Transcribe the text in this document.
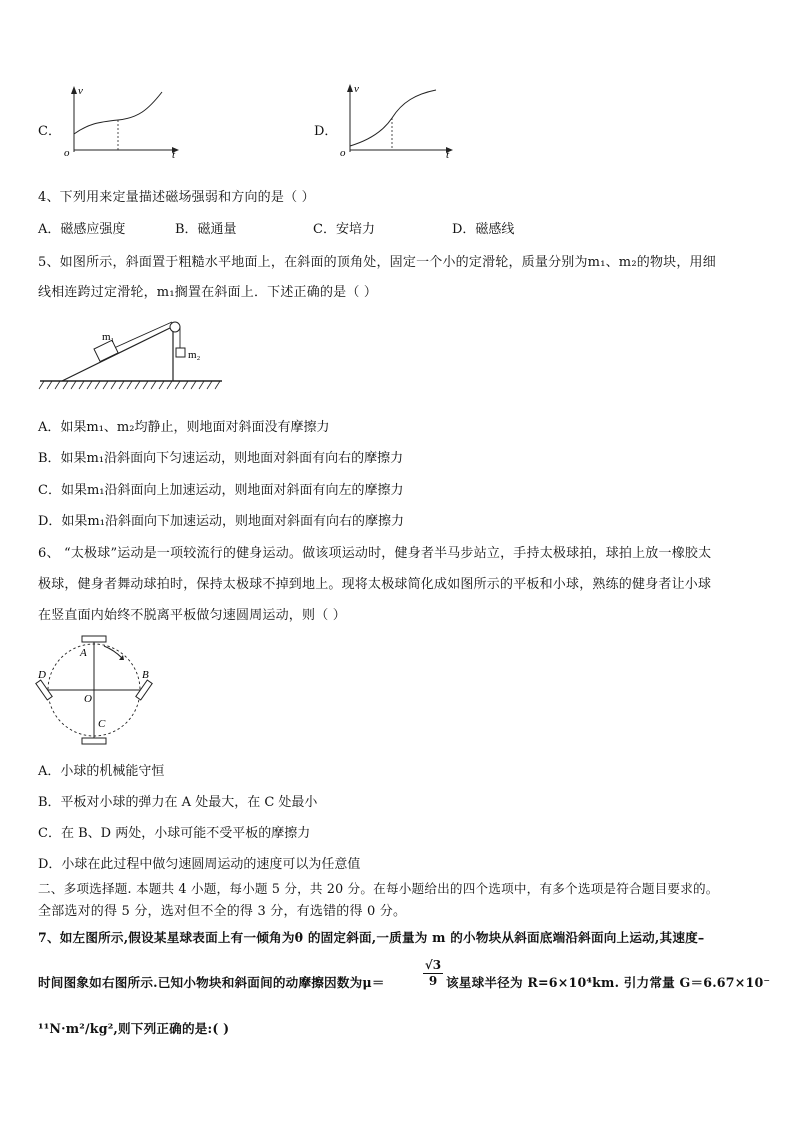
C．
v
t
o
D．
v
t
o
4、下列用来定量描述磁场强弱和方向的是（ ）
A．磁感应强度	B．磁通量	C．安培力	D．磁感线
5、如图所示，斜面置于粗糙水平地面上，在斜面的顶角处，固定一个小的定滑轮，质量分别为m₁、m₂的物块，用细
线相连跨过定滑轮，m₁搁置在斜面上．下述正确的是（ ）
m₁
m₂
A．如果m₁、m₂均静止，则地面对斜面没有摩擦力
B．如果m₁沿斜面向下匀速运动，则地面对斜面有向右的摩擦力
C．如果m₁沿斜面向上加速运动，则地面对斜面有向左的摩擦力
D．如果m₁沿斜面向下加速运动，则地面对斜面有向右的摩擦力
6、 “太极球”运动是一项较流行的健身运动。做该项运动时，健身者半马步站立，手持太极球拍，球拍上放一橡胶太
极球，健身者舞动球拍时，保持太极球不掉到地上。现将太极球简化成如图所示的平板和小球，熟练的健身者让小球
在竖直面内始终不脱离平板做匀速圆周运动，则（ ）
A
B
C
D
O
A．小球的机械能守恒
B．平板对小球的弹力在 A 处最大，在 C 处最小
C．在 B、D 两处，小球可能不受平板的摩擦力
D．小球在此过程中做匀速圆周运动的速度可以为任意值
二、多项选择题. 本题共 4 小题，每小题 5 分，共 20 分。在每小题给出的四个选项中，有多个选项是符合题目要求的。
全部选对的得 5 分，选对但不全的得 3 分，有选错的得 0 分。
7、如左图所示,假设某星球表面上有一倾角为θ 的固定斜面,一质量为 m 的小物块从斜面底端沿斜面向上运动,其速度–
时间图象如右图所示.已知小物块和斜面间的动摩擦因数为μ＝	$\frac{√3}{9}$ 该星球半径为 R=6×10⁴km. 引力常量 G＝6.67×10⁻
¹¹N·m²/kg²,则下列正确的是:( )
